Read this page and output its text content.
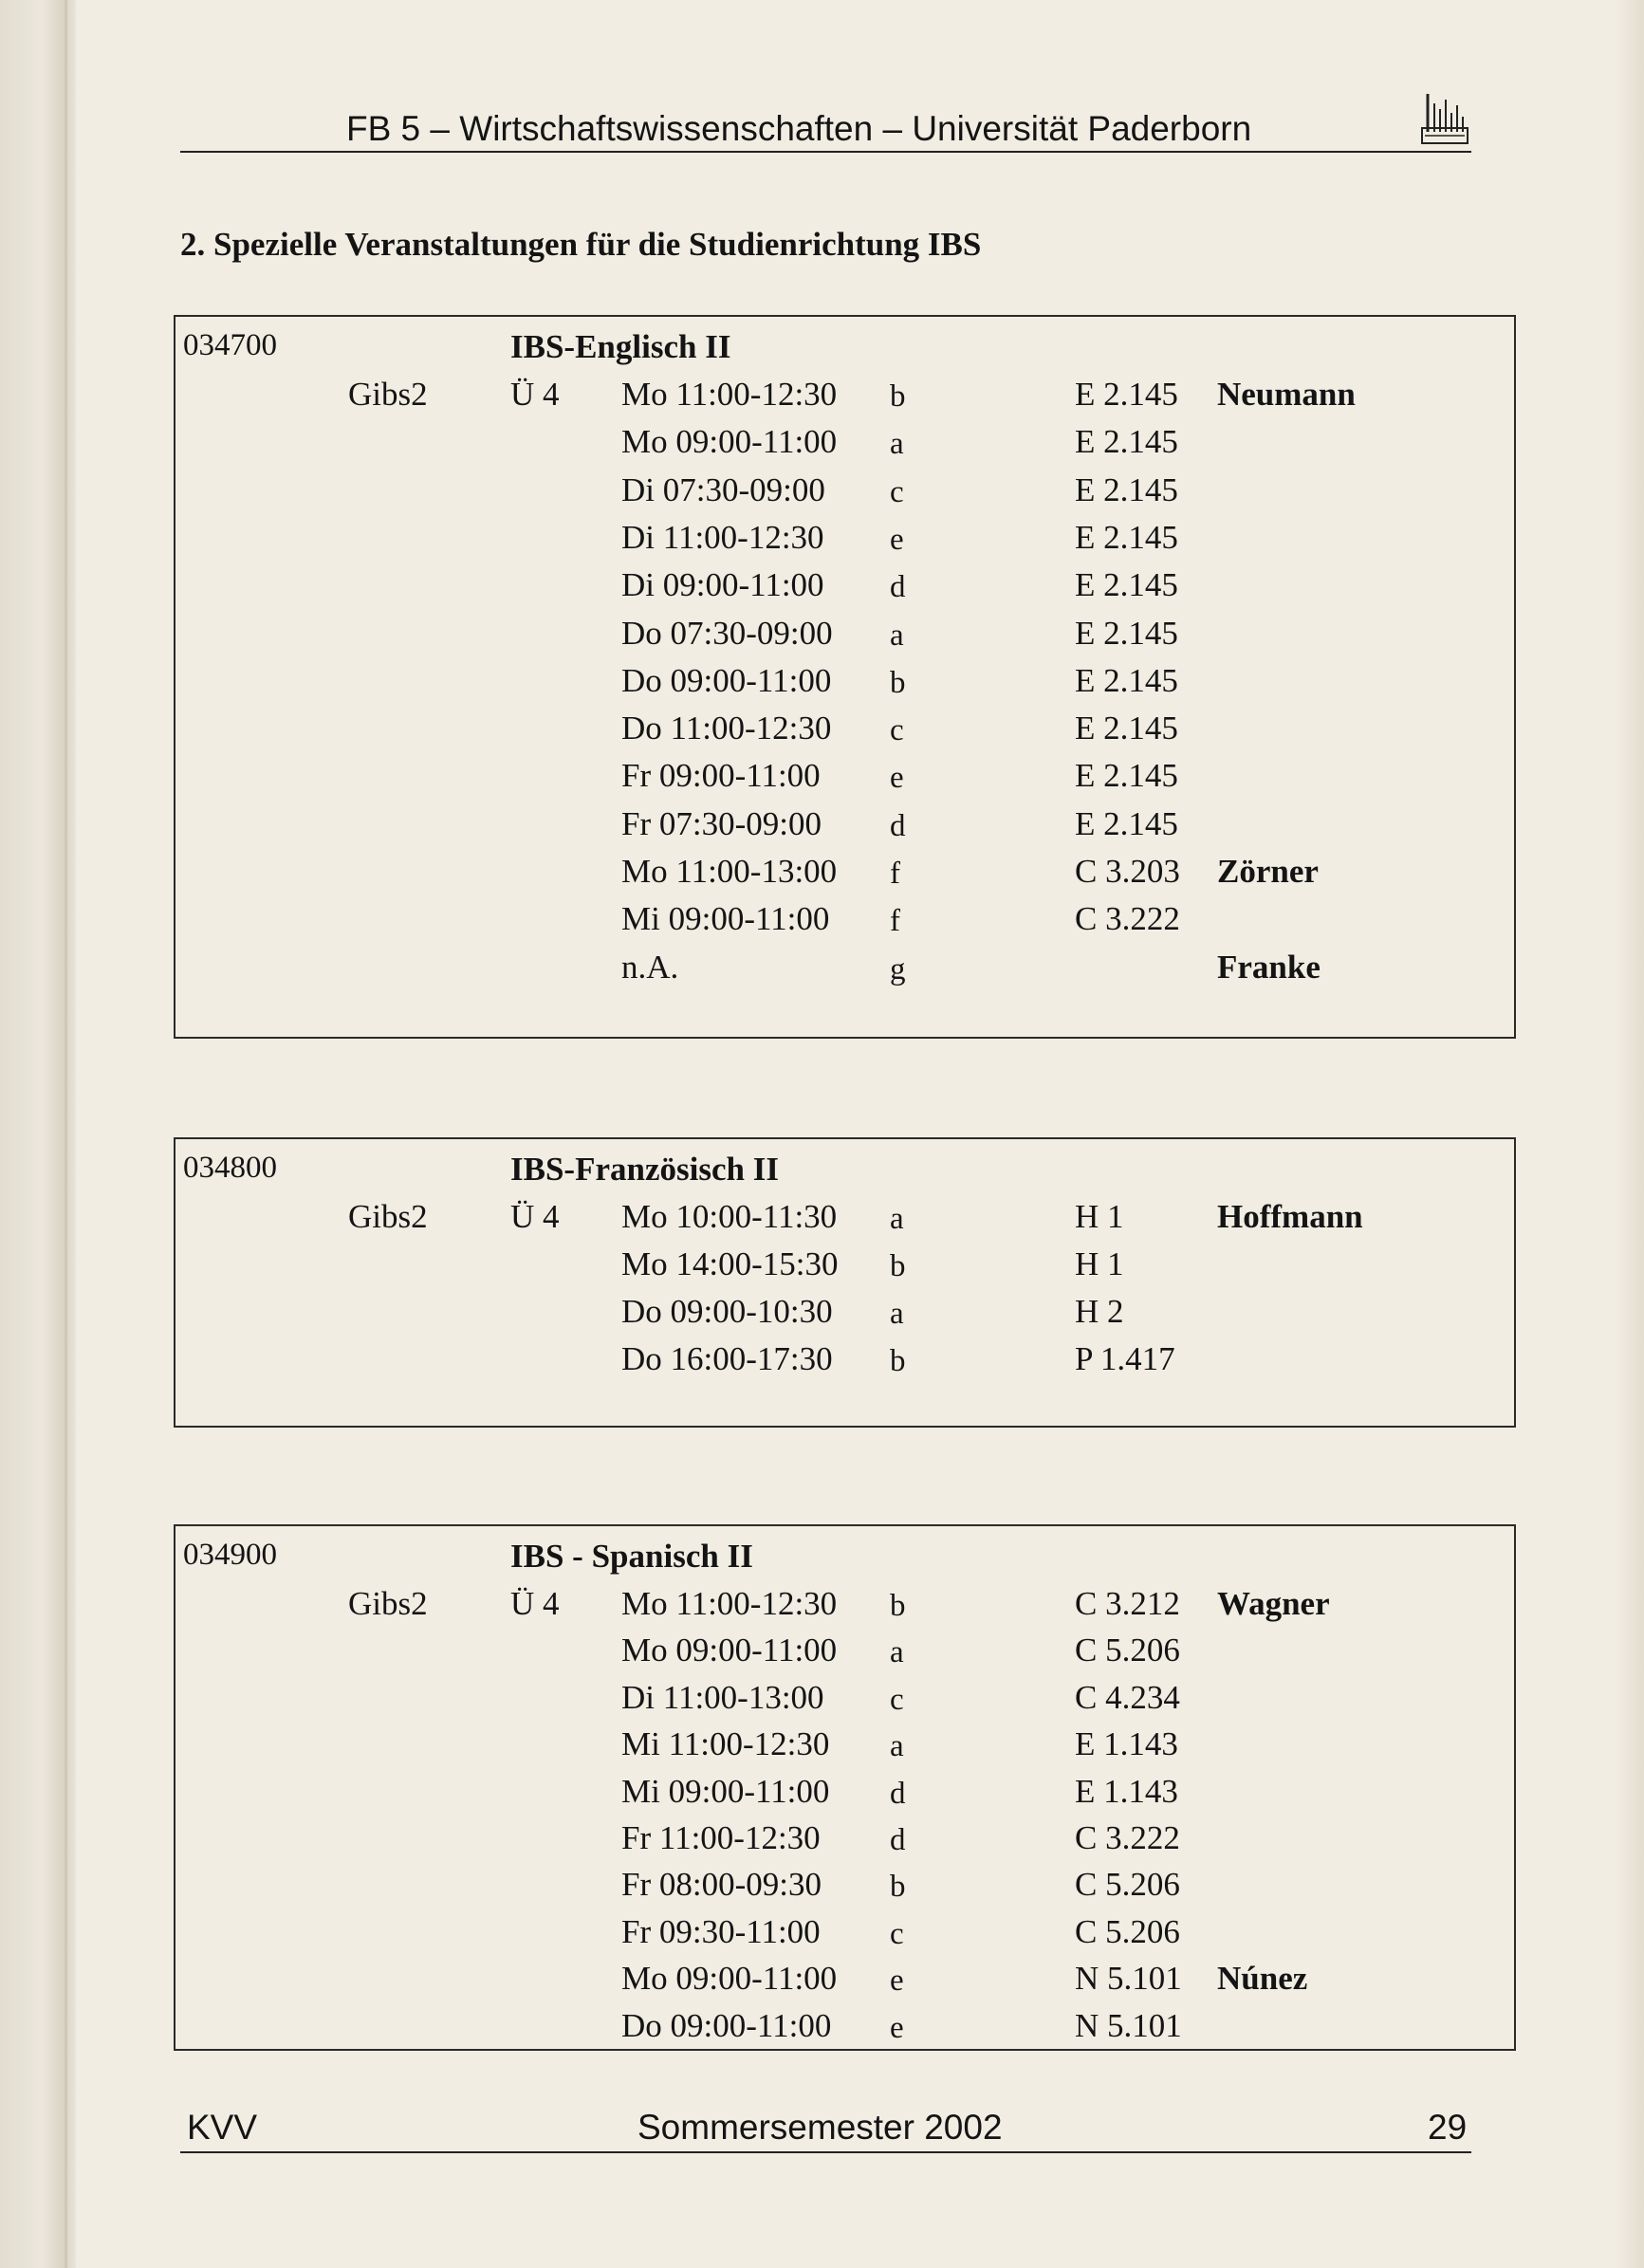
FB 5 – Wirtschaftswissenschaften – Universität Paderborn
2. Spezielle Veranstaltungen für die Studienrichtung IBS
034700	IBS-Englisch II
Gibs2 Ü 4 Mo 11:00-12:30 b	E 2.145 Neumann
Mo 09:00-11:00 a	E 2.145
Di 07:30-09:00 c	E 2.145
Di 11:00-12:30 e	E 2.145
Di 09:00-11:00 d	E 2.145
Do 07:30-09:00 a	E 2.145
Do 09:00-11:00 b	E 2.145
Do 11:00-12:30 c	E 2.145
Fr 09:00-11:00 e	E 2.145
Fr 07:30-09:00 d	E 2.145
Mo 11:00-13:00 f	C 3.203 Zörner
Mi 09:00-11:00 f	C 3.222
n.A.	g	Franke
034800	IBS-Französisch II
Gibs2 Ü 4 Mo 10:00-11:30 a	H 1	Hoffmann
Mo 14:00-15:30 b	H 1
Do 09:00-10:30 a	H 2
Do 16:00-17:30 b	P 1.417
034900	IBS - Spanisch II
Gibs2 Ü 4 Mo 11:00-12:30 b	C 3.212 Wagner
Mo 09:00-11:00 a	C 5.206
Di 11:00-13:00 c	C 4.234
Mi 11:00-12:30 a	E 1.143
Mi 09:00-11:00 d	E 1.143
Fr 11:00-12:30 d	C 3.222
Fr 08:00-09:30 b	C 5.206
Fr 09:30-11:00 c	C 5.206
Mo 09:00-11:00 e	N 5.101 Núnez
Do 09:00-11:00 e	N 5.101
KVV	Sommersemester 2002	29
